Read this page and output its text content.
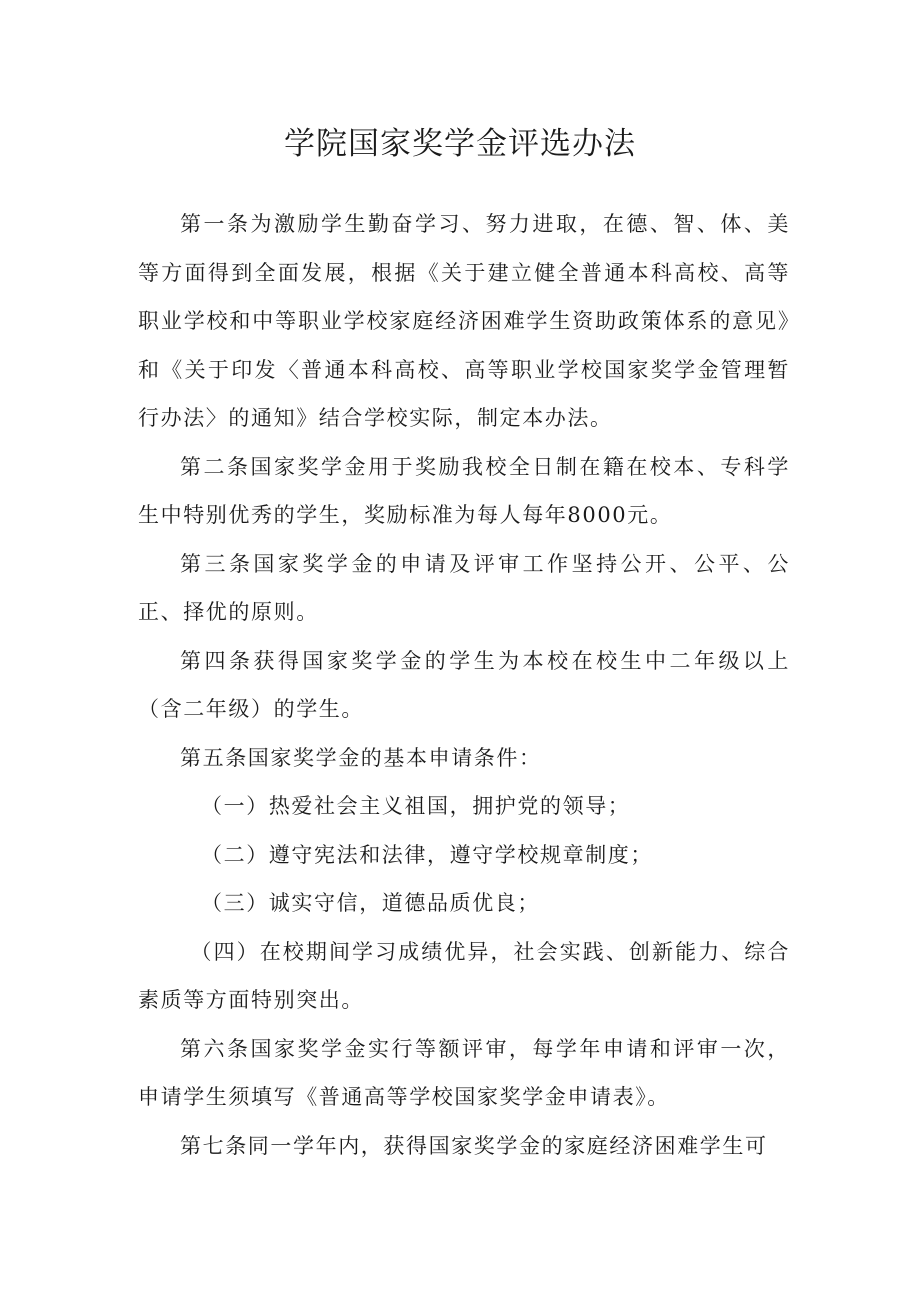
学院国家奖学金评选办法

第一条为激励学生勤奋学习、努力进取，在德、智、体、美等方面得到全面发展，根据《关于建立健全普通本科高校、高等职业学校和中等职业学校家庭经济困难学生资助政策体系的意见》和《关于印发〈普通本科高校、高等职业学校国家奖学金管理暂行办法〉的通知》结合学校实际，制定本办法。

第二条国家奖学金用于奖励我校全日制在籍在校本、专科学生中特别优秀的学生，奖励标准为每人每年8000元。

第三条国家奖学金的申请及评审工作坚持公开、公平、公正、择优的原则。

第四条获得国家奖学金的学生为本校在校生中二年级以上（含二年级）的学生。

第五条国家奖学金的基本申请条件：

（一）热爱社会主义祖国，拥护党的领导；

（二）遵守宪法和法律，遵守学校规章制度；

（三）诚实守信，道德品质优良；

（四）在校期间学习成绩优异，社会实践、创新能力、综合素质等方面特别突出。

第六条国家奖学金实行等额评审，每学年申请和评审一次，申请学生须填写《普通高等学校国家奖学金申请表》。

第七条同一学年内，获得国家奖学金的家庭经济困难学生可
